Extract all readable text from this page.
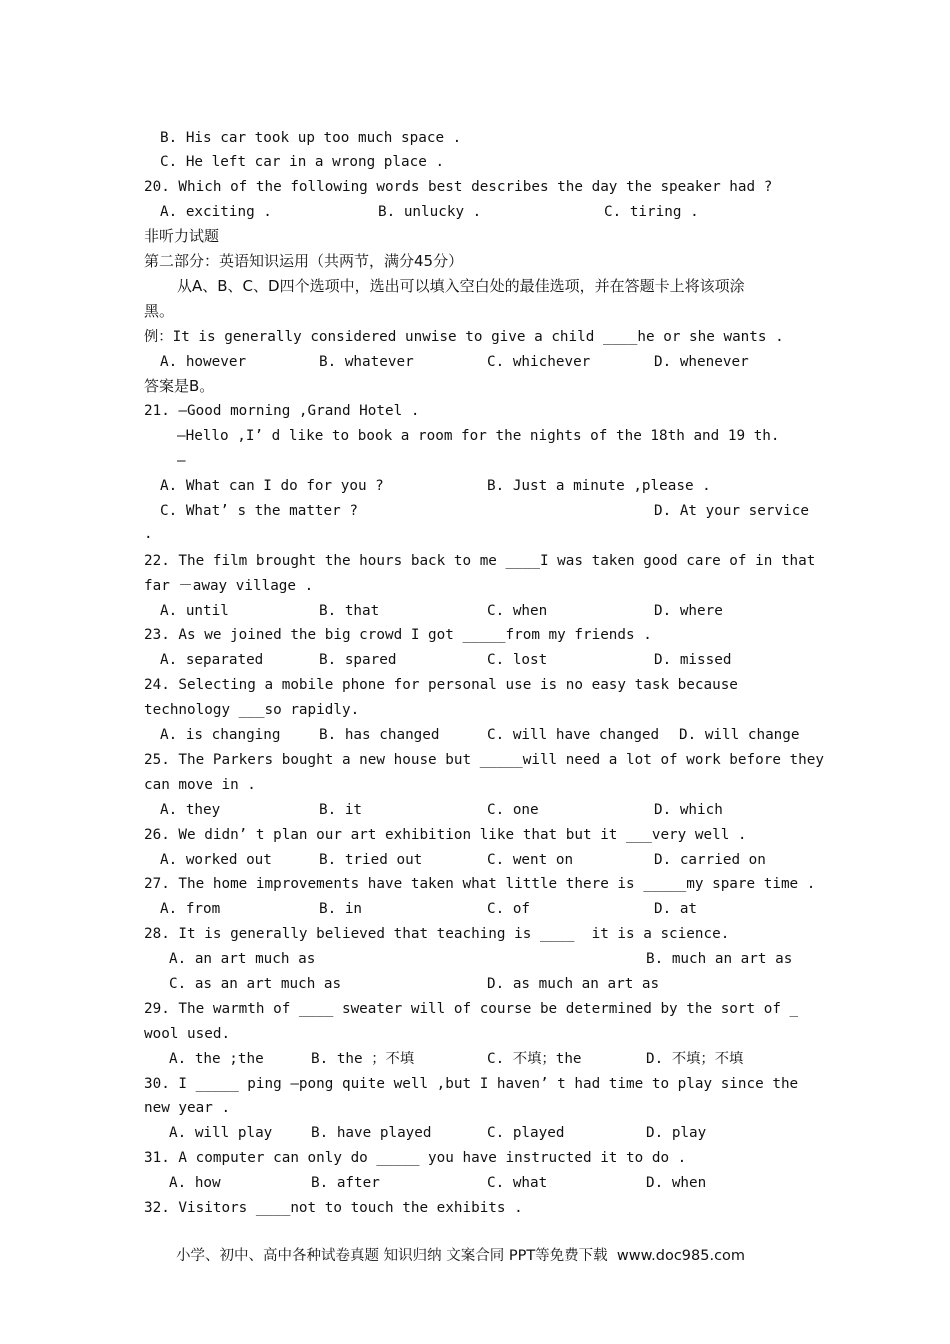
B. His car took up too much space .
C. He left car in a wrong place .
20. Which of the following words best describes the day the speaker had ?
A. exciting .	B. unlucky .	C. tiring .
非听力试题
第二部分：英语知识运用（共两节，满分45分）
从A、B、C、D四个选项中，选出可以填入空白处的最佳选项，并在答题卡上将该项涂
黑。
例：It is generally considered unwise to give a child ____he or she wants .
A. however	B. whatever	C. whichever	D. whenever
答案是B。
21. —Good morning ,Grand Hotel .
—Hello ,I’ d like to book a room for the nights of the 18th and 19 th.
—
A. What can I do for you ?	B. Just a minute ,please .
C. What’ s the matter ?	D. At your service
.
22. The film brought the hours back to me ____I was taken good care of in that
far －away village .
A. until	B. that	C. when	D. where
23. As we joined the big crowd I got _____from my friends .
A. separated	B. spared	C. lost	D. missed
24. Selecting a mobile phone for personal use is no easy task because
technology ___so rapidly.
A. is changing	B. has changed	C. will have changed D. will change
25. The Parkers bought a new house but _____will need a lot of work before they
can move in .
A. they	B. it	C. one	D. which
26. We didn’ t plan our art exhibition like that but it ___very well .
A. worked out	B. tried out	C. went on	D. carried on
27. The home improvements have taken what little there is _____my spare time .
A. from	B. in	C. of	D. at
28. It is generally believed that teaching is ____  it is a science.
A. an art much as	B. much an art as
C. as an art much as	D. as much an art as
29. The warmth of ____ sweater will of course be determined by the sort of _
wool used.
A. the ;the	B. the ；不填	C. 不填；the	D. 不填；不填
30. I _____ ping —pong quite well ,but I haven’ t had time to play since the
new year .
A. will play	B. have played	C. played	D. play
31. A computer can only do _____ you have instructed it to do .
A. how	B. after	C. what	D. when
32. Visitors ____not to touch the exhibits .
小学、初中、高中各种试卷真题 知识归纳 文案合同 PPT等免费下载  www.doc985.com
